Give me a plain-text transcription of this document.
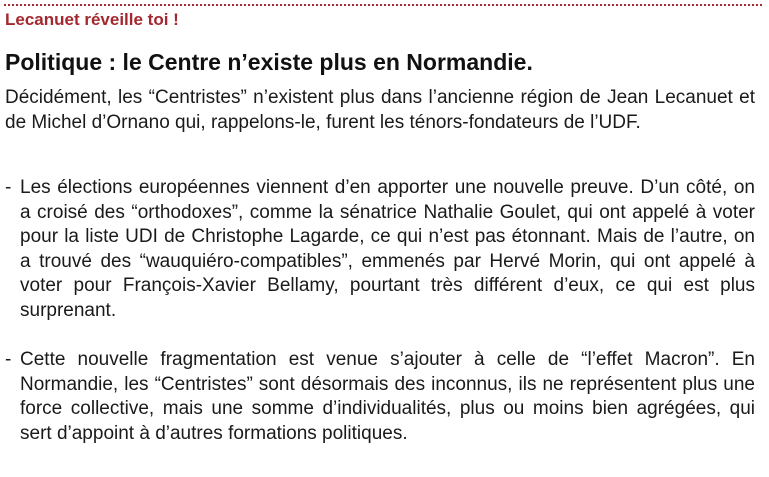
Lecanuet réveille toi !
Politique : le Centre n’existe plus en Normandie.
Décidément, les “Centristes” n’existent plus dans l’ancienne région de Jean Lecanuet et de Michel d’Ornano qui, rappelons-le, furent les ténors-fondateurs de l’UDF.
- Les élections européennes viennent d’en apporter une nouvelle preuve. D’un côté, on a croisé des “orthodoxes”, comme la sénatrice Nathalie Goulet, qui ont appelé à voter pour la liste UDI de Christophe Lagarde, ce qui n’est pas étonnant. Mais de l’autre, on a trouvé des “wauquiéro-compatibles”, emmenés par Hervé Morin, qui ont appelé à voter pour François-Xavier Bellamy, pourtant très différent d’eux, ce qui est plus surprenant.
- Cette nouvelle fragmentation est venue s’ajouter à celle de “l’effet Macron”. En Normandie, les “Centristes” sont désormais des inconnus, ils ne représentent plus une force collective, mais une somme d’individualités, plus ou moins bien agrégées, qui sert d’appoint à d’autres formations politiques.
